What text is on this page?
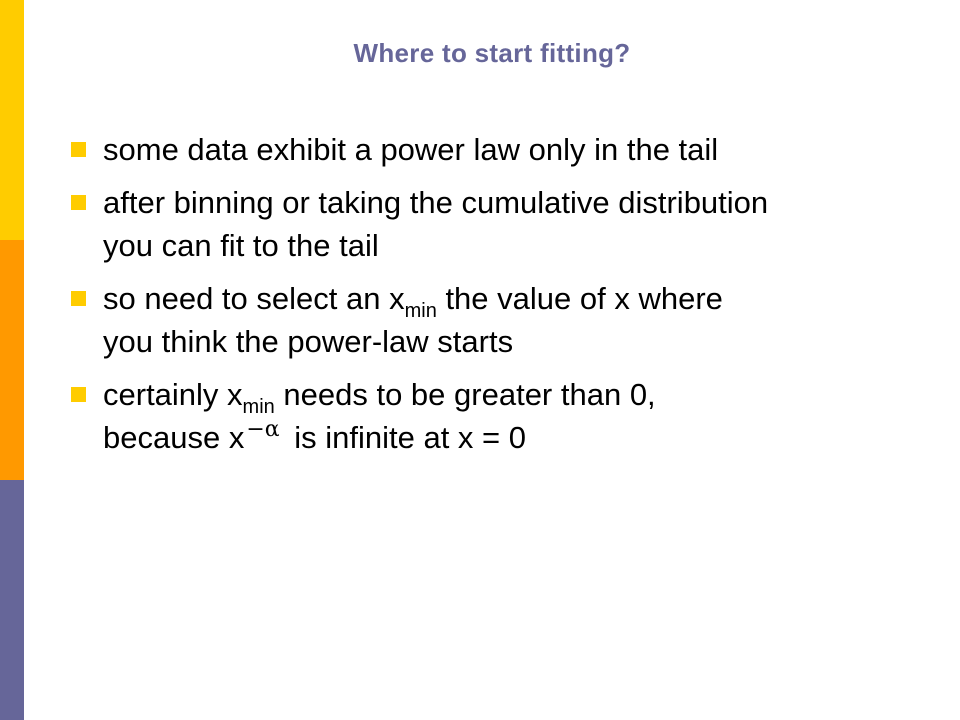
Where to start fitting?
some data exhibit a power law only in the tail
after binning or taking the cumulative distribution
you can fit to the tail
so need to select an $x_{min}$ the value of x where
you think the power-law starts
certainly $x_{min}$ needs to be greater than 0,
because $x^{-\alpha}$ is infinite at x = 0
